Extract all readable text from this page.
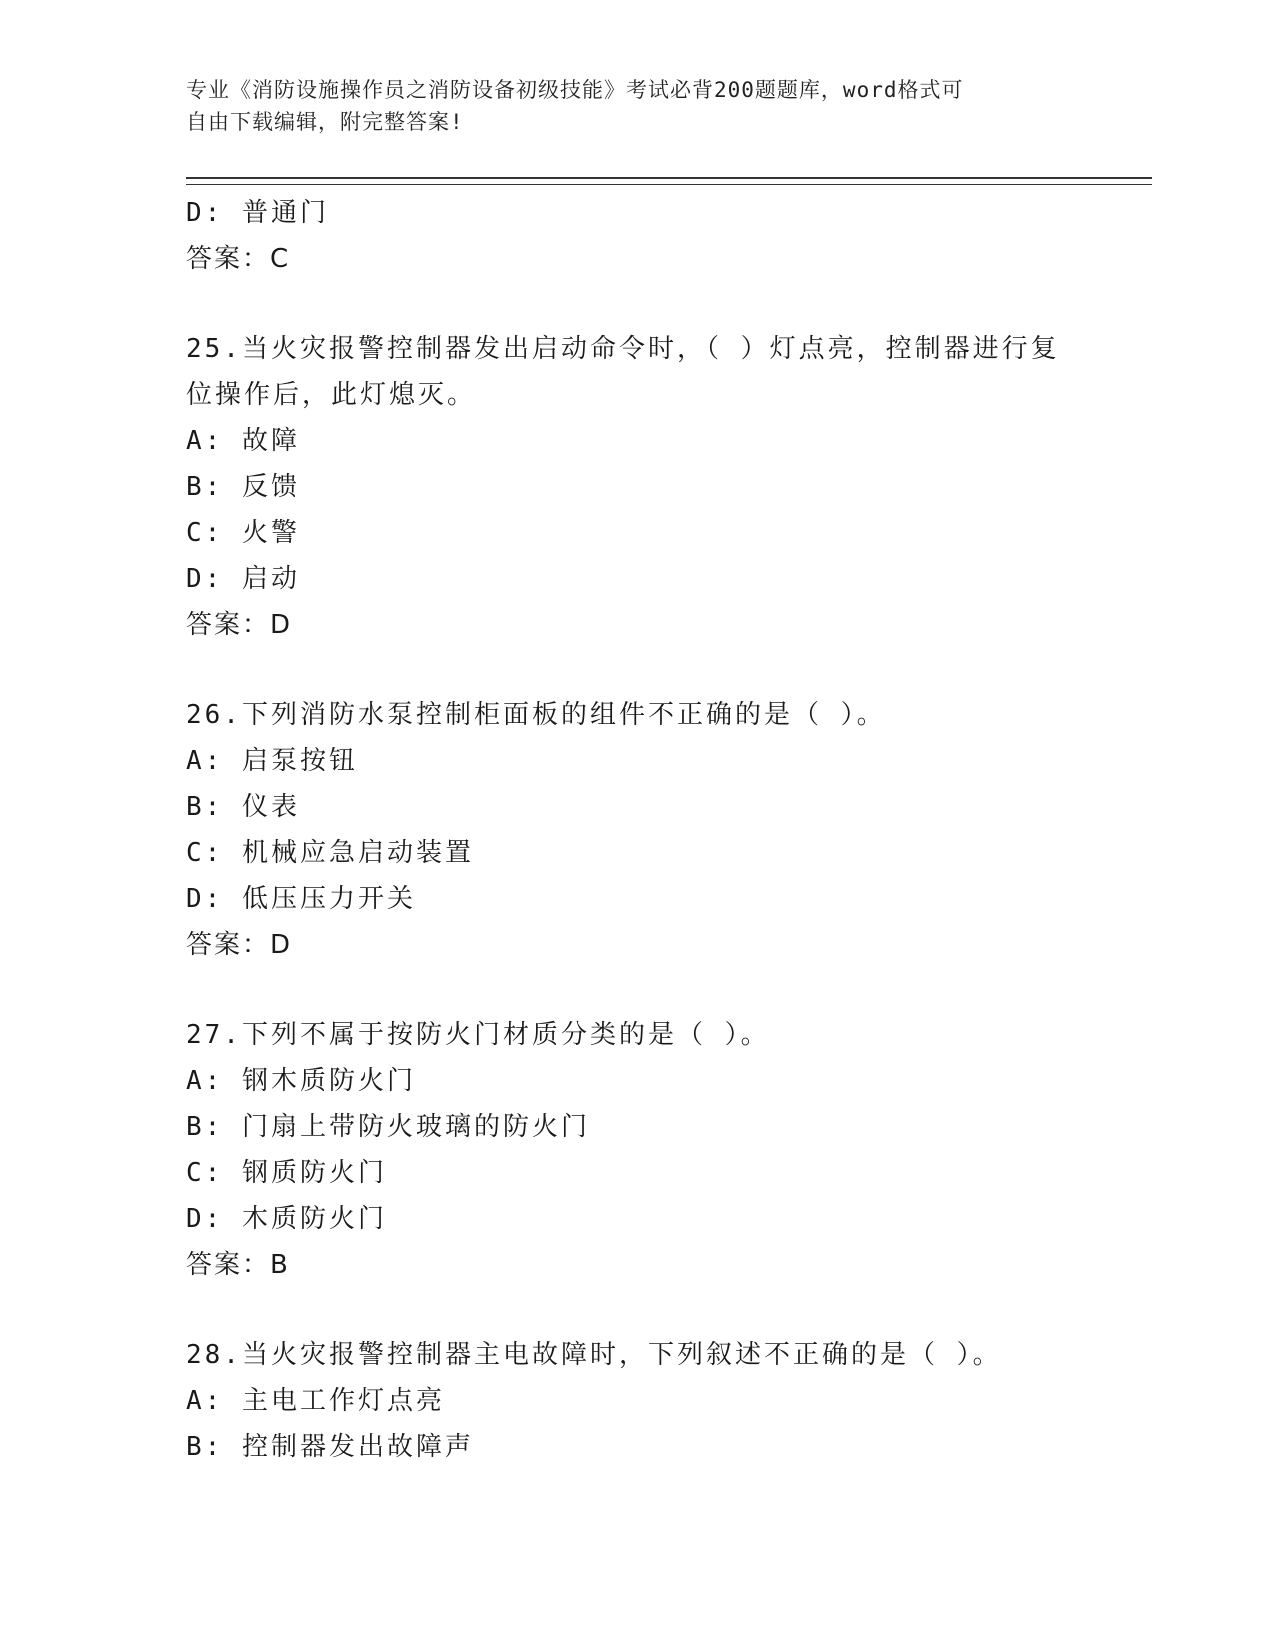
专业《消防设施操作员之消防设备初级技能》考试必背200题题库，word格式可
自由下载编辑，附完整答案!
D: 普通门
答案：C
25.当火灾报警控制器发出启动命令时，（ ）灯点亮，控制器进行复
位操作后，此灯熄灭。
A: 故障
B: 反馈
C: 火警
D: 启动
答案：D
26.下列消防水泵控制柜面板的组件不正确的是（ ）。
A: 启泵按钮
B: 仪表
C: 机械应急启动装置
D: 低压压力开关
答案：D
27.下列不属于按防火门材质分类的是（ ）。
A: 钢木质防火门
B: 门扇上带防火玻璃的防火门
C: 钢质防火门
D: 木质防火门
答案：B
28.当火灾报警控制器主电故障时，下列叙述不正确的是（ ）。
A: 主电工作灯点亮
B: 控制器发出故障声
